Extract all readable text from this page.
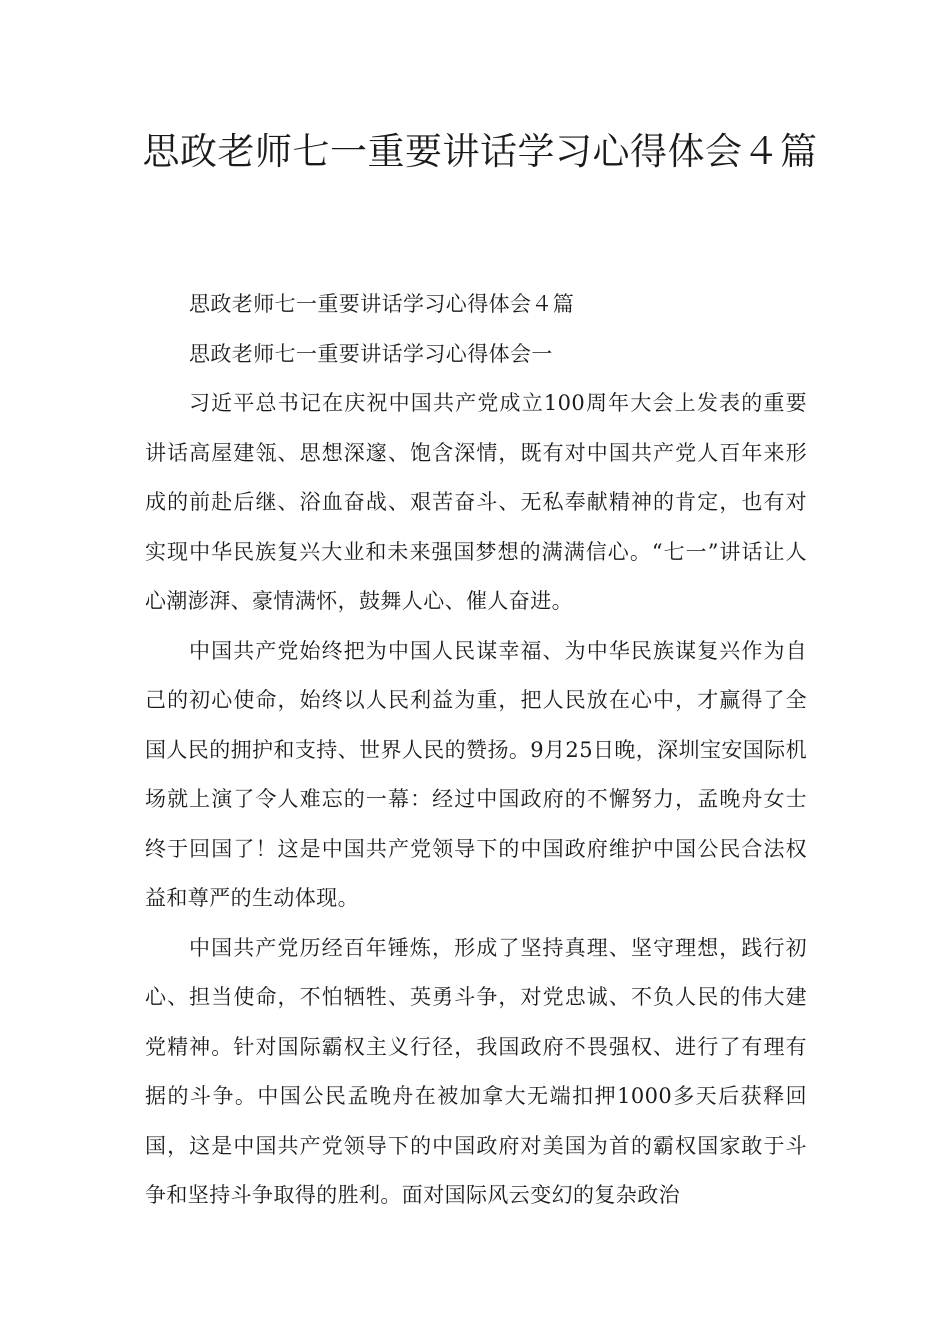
思政老师七一重要讲话学习心得体会４篇

思政老师七一重要讲话学习心得体会４篇

思政老师七一重要讲话学习心得体会一

习近平总书记在庆祝中国共产党成立100周年大会上发表的重要讲话高屋建瓴、思想深邃、饱含深情，既有对中国共产党人百年来形成的前赴后继、浴血奋战、艰苦奋斗、无私奉献精神的肯定，也有对实现中华民族复兴大业和未来强国梦想的满满信心。“七一”讲话让人心潮澎湃、豪情满怀，鼓舞人心、催人奋进。

中国共产党始终把为中国人民谋幸福、为中华民族谋复兴作为自己的初心使命，始终以人民利益为重，把人民放在心中，才赢得了全国人民的拥护和支持、世界人民的赞扬。9月25日晚，深圳宝安国际机场就上演了令人难忘的一幕：经过中国政府的不懈努力，孟晚舟女士终于回国了！这是中国共产党领导下的中国政府维护中国公民合法权益和尊严的生动体现。

中国共产党历经百年锤炼，形成了坚持真理、坚守理想，践行初心、担当使命，不怕牺牲、英勇斗争，对党忠诚、不负人民的伟大建党精神。针对国际霸权主义行径，我国政府不畏强权、进行了有理有据的斗争。中国公民孟晚舟在被加拿大无端扣押1000多天后获释回国，这是中国共产党领导下的中国政府对美国为首的霸权国家敢于斗争和坚持斗争取得的胜利。面对国际风云变幻的复杂政治
